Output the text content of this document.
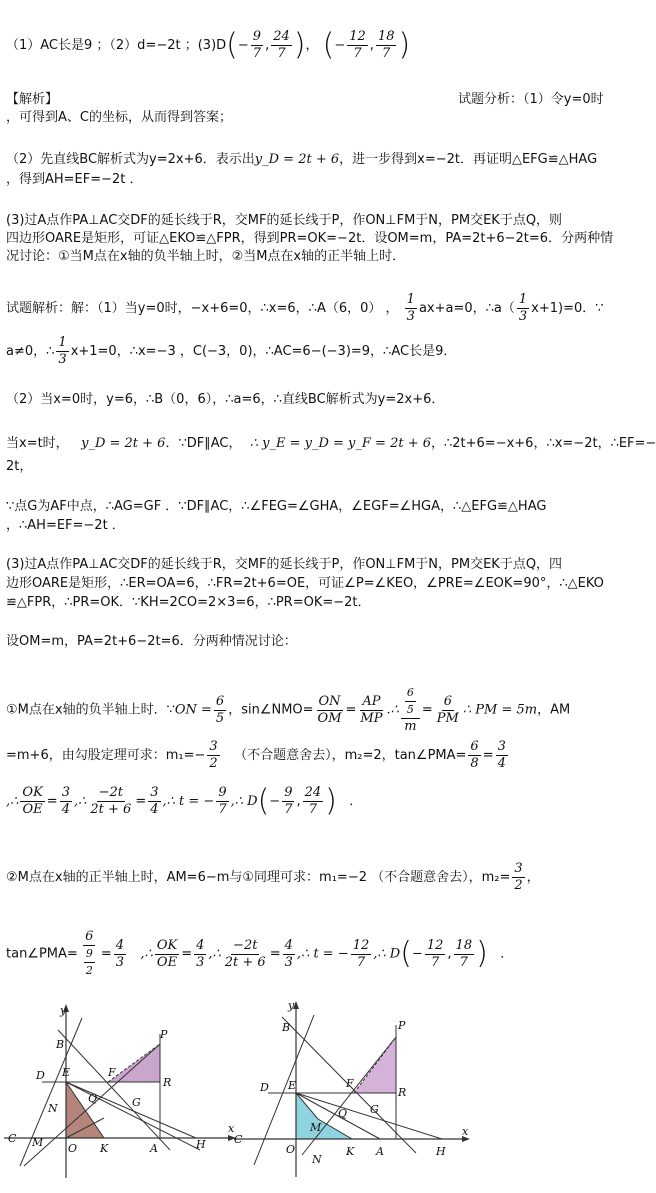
（1）AC长是9 ；（2）d=−2t ；$(3)D(- \frac{9}{7}$ , $\frac{24}{7}$ )， (− $\frac{12}{7}$ , $\frac{18}{7}$ )
【解析】	试题分析：（1）令y=0时
，可得到A、C的坐标，从而得到答案；
（2）先直线BC解析式为y=2x+6．表示出y_D = 2t + 6，进一步得到x=−2t．再证明△EFG≌△HAG
，得到AH=EF=−2t ．
(3)过A点作PA⊥AC交DF的延长线于R，交MF的延长线于P，作ON⊥FM于N，PM交EK于点Q，则
四边形OARE是矩形，可证△EKO≌△FPR，得到PR=OK=−2t．设OM=m，PA=2t+6−2t=6．分两种情
况讨论：①当M点在x轴的负半轴上时，②当M点在x轴的正半轴上时．
试题解析：解：（1）当y=0时，−x+6=0，∴x=6，∴A（6，0） ， $\frac{1}{3} ax+a=0$，∴a（ $\frac{1}{3} x+1)=0$．∵
a≠0，∴ $\frac{1}{3} x+1=0$，∴x=−3 ，C(−3，0)，∴AC=6−(−3)=9，∴AC长是9．
（2）当x=0时，y=6，∴B（0，6），∴a=6，∴直线BC解析式为y=2x+6．
当x=t时， y_D = 2t + 6．∵DF∥AC， ∴ y_E = y_D = y_F = 2t + 6，∴2t+6=−x+6，∴x=−2t，∴EF=−
2t，
∵点G为AF中点，∴AG=GF ．∵DF∥AC，∴∠FEG=∠GHA，∠EGF=∠HGA，∴△EFG≌△HAG
，∴AH=EF=−2t ．
(3)过A点作PA⊥AC交DF的延长线于R，交MF的延长线于P，作ON⊥FM于N，PM交EK于点Q，四
边形OARE是矩形，∴ER=OA=6，∴FR=2t+6=OE，可证∠P=∠KEO，∠PRE=∠EOK=90°，∴△EKO
≌△FPR，∴PR=OK．∵KH=2CO=2×3=6，∴PR=OK=−2t．
设OM=m，PA=2t+6−2t=6．分两种情况讨论：
①M点在x轴的负半轴上时．∵ON = $\frac{6}{5}$ ，sin∠NMO= $\frac{ON}{OM} = \frac{AP}{MP}$ .∴ $\frac{\frac{6}{5}}{m} = \frac{6}{PM}$ ∴ PM = 5m，AM
=m+6，由勾股定理可求：$m_1=- \frac{3}{2}$ （不合题意舍去），m₂=2，tan∠PMA= $\frac{6}{8} = \frac{3}{4}$
,∴ $\frac{OK}{OE} = \frac{3}{4}$ ,∴ $\frac{-2t}{2t + 6} = \frac{3}{4}$ ,∴ t = − $\frac{9}{7}$ ,∴ $D(- \frac{9}{7}$ , $\frac{24}{7}$ ) ．
②M点在x轴的正半轴上时，AM=6−m与①同理可求：m₁=−2 （不合题意舍去），$m_2= \frac{3}{2}$ ，
tan∠PMA= $\frac{6}{\frac{9}{2}} = \frac{4}{3}$ ,∴ $\frac{OK}{OE} = \frac{4}{3}$ ,∴ $\frac{-2t}{2t + 6} = \frac{4}{3}$ ,∴ t = − $\frac{12}{7}$ ,∴ $D(- \frac{12}{7}$ , $\frac{18}{7}$ ) ．
y
B
P
D E	F
R
N
Q	G
C M O K	A	H
x
y
B	P
D E	F
R
Q G
M
C
O
N
K A	H
x
